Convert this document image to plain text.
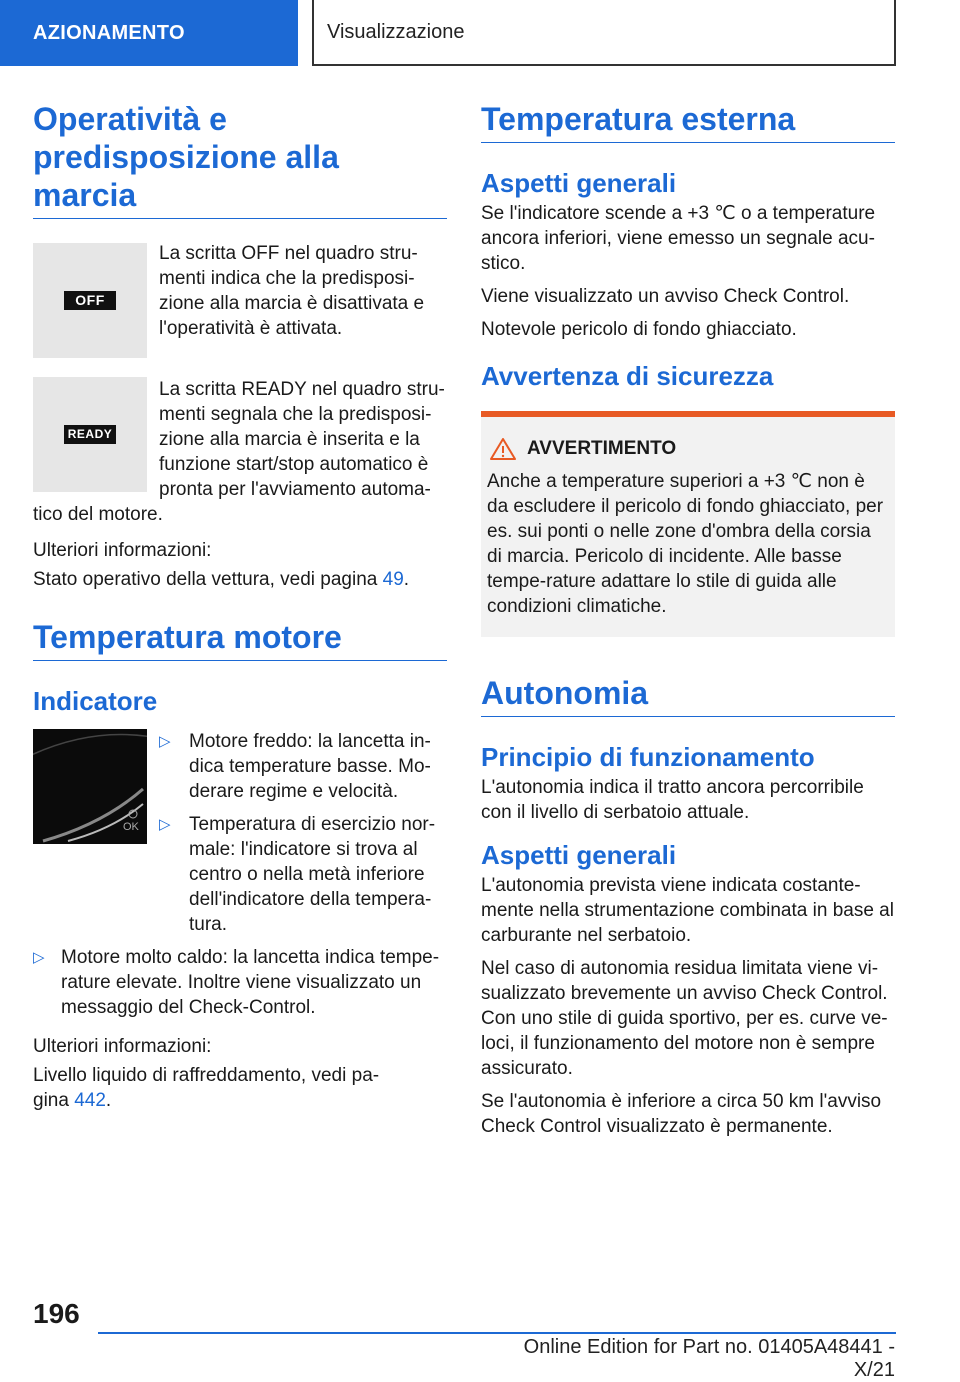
AZIONAMENTO	Visualizzazione
Operatività e predisposizione alla marcia
OFF

La scritta OFF nel quadro stru-menti indica che la predisposi-zione alla marcia è disattivata e l'operatività è attivata.

READY

La scritta READY nel quadro stru-menti segnala che la predisposi-zione alla marcia è inserita e la funzione start/stop automatico è pronta per l'avviamento automa-tico del motore.

Ulteriori informazioni:

Stato operativo della vettura, vedi pagina 49.

Temperatura motore
Indicatore
OK
▷ Motore freddo: la lancetta in-dica temperature basse. Mo-derare regime e velocità.

▷ Temperatura di esercizio nor-male: l'indicatore si trova al centro o nella metà inferiore dell'indicatore della tempera-tura.

▷ Motore molto caldo: la lancetta indica tempe-rature elevate. Inoltre viene visualizzato un messaggio del Check-Control.

Ulteriori informazioni:

Livello liquido di raffreddamento, vedi pa-gina 442.

Temperatura esterna
Aspetti generali

Se l'indicatore scende a +3 ℃ o a temperature ancora inferiori, viene emesso un segnale acu-stico.

Viene visualizzato un avviso Check Control.

Notevole pericolo di fondo ghiacciato.

Avvertenza di sicurezza
AVVERTIMENTO

Anche a temperature superiori a +3 ℃ non è da escludere il pericolo di fondo ghiacciato, per es. sui ponti o nelle zone d'ombra della corsia di marcia. Pericolo di incidente. Alle basse tempe-rature adattare lo stile di guida alle condizioni climatiche.

Autonomia
Principio di funzionamento

L'autonomia indica il tratto ancora percorribile con il livello di serbatoio attuale.

Aspetti generali

L'autonomia prevista viene indicata costante-mente nella strumentazione combinata in base al carburante nel serbatoio.

Nel caso di autonomia residua limitata viene vi-sualizzato brevemente un avviso Check Control. Con uno stile di guida sportivo, per es. curve ve-loci, il funzionamento del motore non è sempre assicurato.

Se l'autonomia è inferiore a circa 50 km l'avviso Check Control visualizzato è permanente.

196
Online Edition for Part no. 01405A48441 - X/21
